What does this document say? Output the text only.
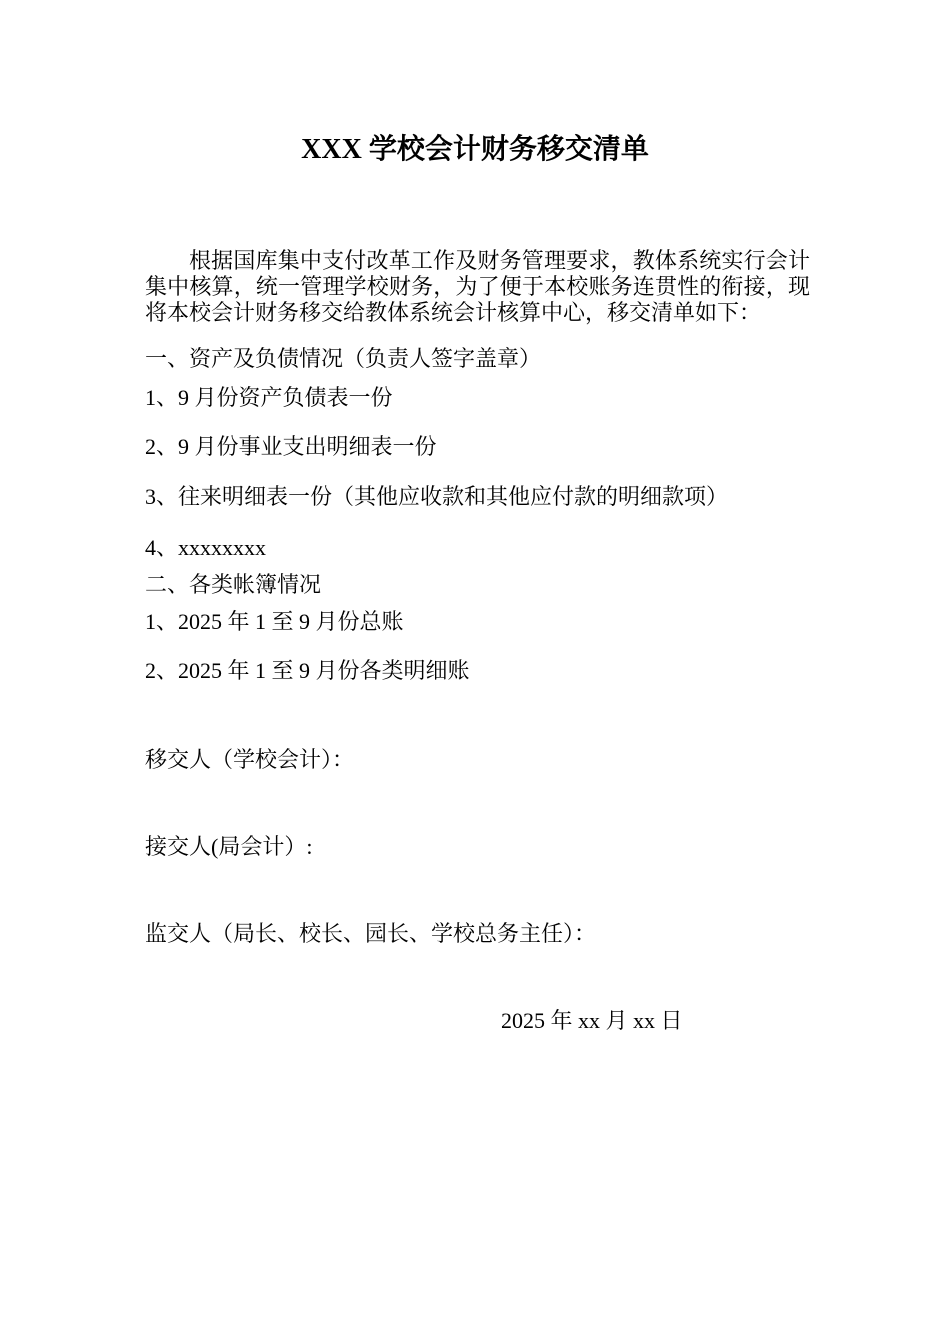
XXX 学校会计财务移交清单
根据国库集中支付改革工作及财务管理要求，教体系统实行会计集中核算，统一管理学校财务，为了便于本校账务连贯性的衔接，现将本校会计财务移交给教体系统会计核算中心，移交清单如下：
一、资产及负债情况（负责人签字盖章）
1、9 月份资产负债表一份
2、9 月份事业支出明细表一份
3、往来明细表一份（其他应收款和其他应付款的明细款项）
4、xxxxxxxx
二、各类帐簿情况
1、2025 年 1 至 9 月份总账
2、2025 年 1 至 9 月份各类明细账
移交人（学校会计）：
接交人(局会计）:
监交人（局长、校长、园长、学校总务主任）：
2025 年 xx 月 xx 日
